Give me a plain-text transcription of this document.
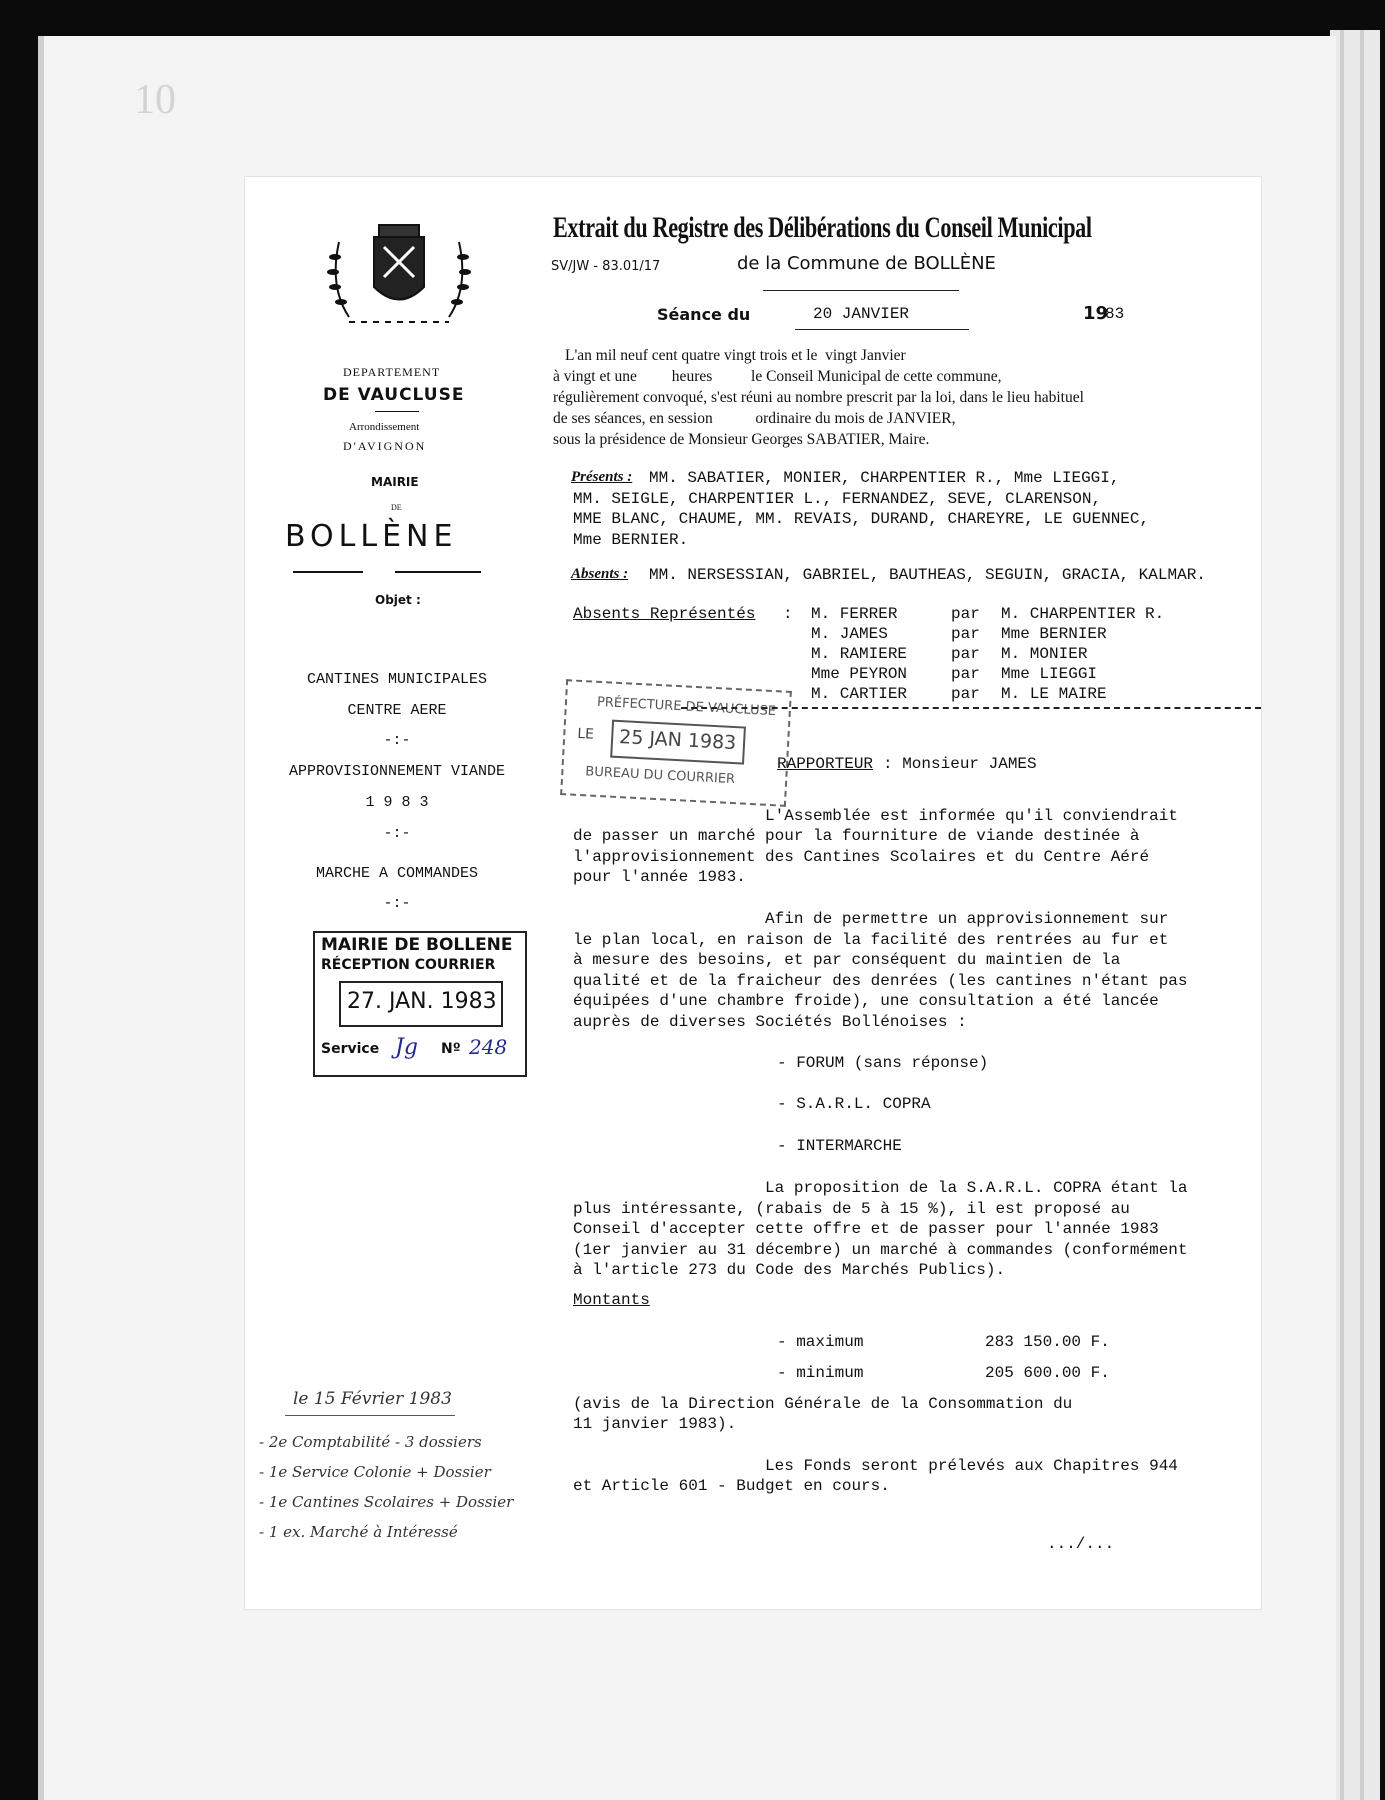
10
DEPARTEMENT
DE VAUCLUSE
Arrondissement
D'AVIGNON
MAIRIE
DE
BOLLÈNE
Objet :
CANTINES MUNICIPALES
CENTRE AERE
-:-
APPROVISIONNEMENT VIANDE
1 9 8 3
-:-
MARCHE A COMMANDES
-:-
MAIRIE DE BOLLENE
RÉCEPTION COURRIER

27. JAN. 1983

Service Jg Nº 248
PRÉFECTURE DE VAUCLUSE
LE

25 JAN 1983

BUREAU DU COURRIER
Extrait du Registre des Délibérations du Conseil Municipal
SV/JW - 83.01/17	de la Commune de BOLLÈNE
Séance du	20 JANVIER	19
83
L'an mil neuf cent quatre vingt trois et le  vingt Janvier
à vingt et une         heures          le Conseil Municipal de cette commune,
régulièrement convoqué, s'est réuni au nombre prescrit par la loi, dans le lieu habituel
de ses séances, en session           ordinaire du mois de JANVIER,
sous la présidence de Monsieur Georges SABATIER, Maire.
Présents : MM. SABATIER, MONIER, CHARPENTIER R., Mme LIEGGI,
MM. SEIGLE, CHARPENTIER L., FERNANDEZ, SEVE, CLARENSON,
MME BLANC, CHAUME, MM. REVAIS, DURAND, CHAREYRE, LE GUENNEC,
Mme BERNIER.
Absents : MM. NERSESSIAN, GABRIEL, BAUTHEAS, SEGUIN, GRACIA, KALMAR.
Absents Représentés : M. FERRER	par M. CHARPENTIER R.
M. JAMES	par Mme BERNIER
M. RAMIERE	par M. MONIER
Mme PEYRON	par Mme LIEGGI
M. CARTIER	par M. LE MAIRE
RAPPORTEUR : Monsieur JAMES
L'Assemblée est informée qu'il conviendrait
de passer un marché pour la fourniture de viande destinée à
l'approvisionnement des Cantines Scolaires et du Centre Aéré
pour l'année 1983.
Afin de permettre un approvisionnement sur
le plan local, en raison de la facilité des rentrées au fur et
à mesure des besoins, et par conséquent du maintien de la
qualité et de la fraicheur des denrées (les cantines n'étant pas
équipées d'une chambre froide), une consultation a été lancée
auprès de diverses Sociétés Bollénoises :
- FORUM (sans réponse)
- S.A.R.L. COPRA
- INTERMARCHE
La proposition de la S.A.R.L. COPRA étant la
plus intéressante, (rabais de 5 à 15 %), il est proposé au
Conseil d'accepter cette offre et de passer pour l'année 1983
(1er janvier au 31 décembre) un marché à commandes (conformément
à l'article 273 du Code des Marchés Publics).
Montants
- maximum	283 150.00 F.
- minimum	205 600.00 F.
(avis de la Direction Générale de la Consommation du
11 janvier 1983).
Les Fonds seront prélevés aux Chapitres 944
et Article 601 - Budget en cours.
.../...
le 15 Février 1983
- 2e Comptabilité - 3 dossiers
- 1e Service Colonie + Dossier
- 1e Cantines Scolaires + Dossier
- 1 ex. Marché à Intéressé
